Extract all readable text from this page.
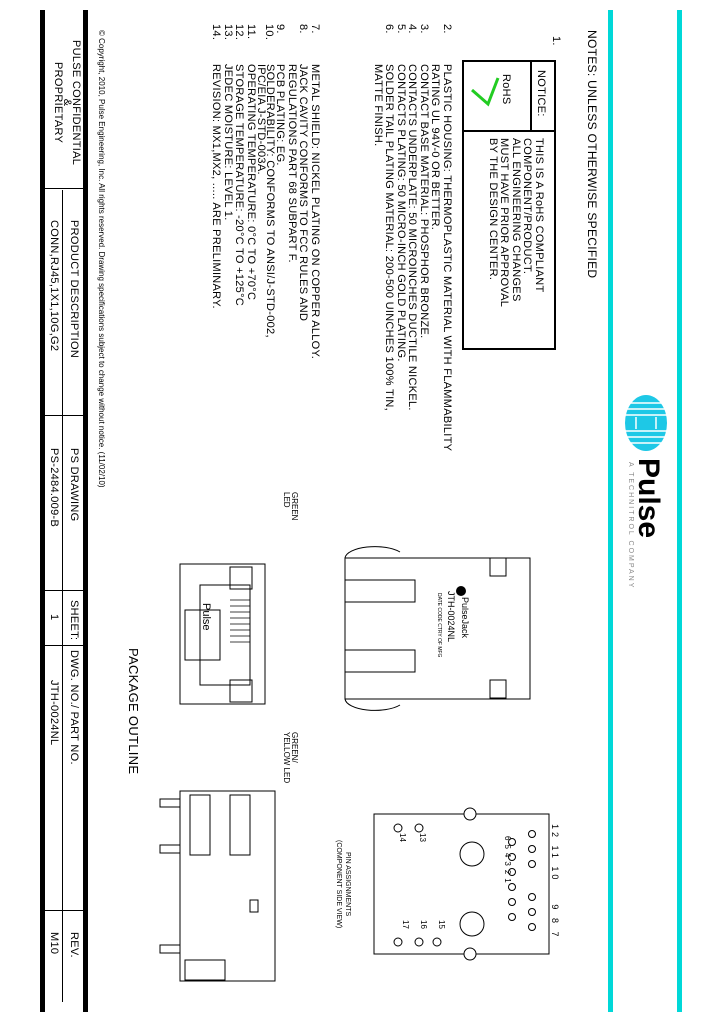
NOTES: UNLESS OTHERWISE SPECIFIED
1.
NOTICE:
RoHS
THIS IS A RoHS COMPLIANT
COMPONENT/PRODUCT.
ALL ENGINEERING CHANGES
MUST HAVE PRIOR APPROVAL
BY THE DESIGN CENTER.
2.
PLASTIC HOUSING: THERMOPLASTIC MATERIAL WITH FLAMMABILITY
RATING UL 94V-0 OR BETTER.
3.
CONTACT BASE MATERIAL: PHOSPHOR BRONZE.
4.
CONTACTS UNDERPLATE: 50 MICROINCHES DUCTILE NICKEL.
5.
CONTACTS PLATING: 50 MICRO-INCH GOLD PLATING.
6.
SOLDER TAIL PLATING MATERIAL: 200-500 UINCHES 100% TIN,
MATTE FINISH.
7.
METAL SHIELD: NICKEL PLATING ON COPPER ALLOY.
8.
JACK CAVITY CONFORMS TO FCC RULES AND
REGULATIONS PART 68 SUBPART F.
9.
PCB PLATING: EG.
10.
SOLDERABILITY: CONFORMS TO ANSI/J-STD-002,
IPC/EIA J-STD-003A.
11.
OPERATING TEMPERATURE: 0°C TO +70°C
12.
STORAGE TEMPERATURE: -20°C TO +125°C
13.
JEDEC MOISTURE: LEVEL 1.
14.
REVISION: MX1,MX2, ..... ARE PRELIMINARY.
Pulse
A TECHNITROL COMPANY
PulseJack
JTH-0024NL
DATE CODE CTRY OF MFG
Pulse
GREEN
LED
GREEN/
YELLOW LED
PACKAGE OUTLINE
12 11 10    9 8 7
654321
13
14
15
16
17
PIN ASSIGNMENTS
(COMPONENT SIDE VIEW)
© Copyright, 2010, Pulse Engineering, Inc. All rights reserved. Drawing specifications subject to change without notice. (11/02/10)
PULSE CONFIDENTIAL
&
PROPRIETARY
PRODUCT DESCRIPTION
CONN,RJ45,1X1,10G,G2
PS DRAWING
PS-2484.009-B
SHEET:
1
DWG. NO./ PART NO.
JTH-0024NL
REV.
M10
